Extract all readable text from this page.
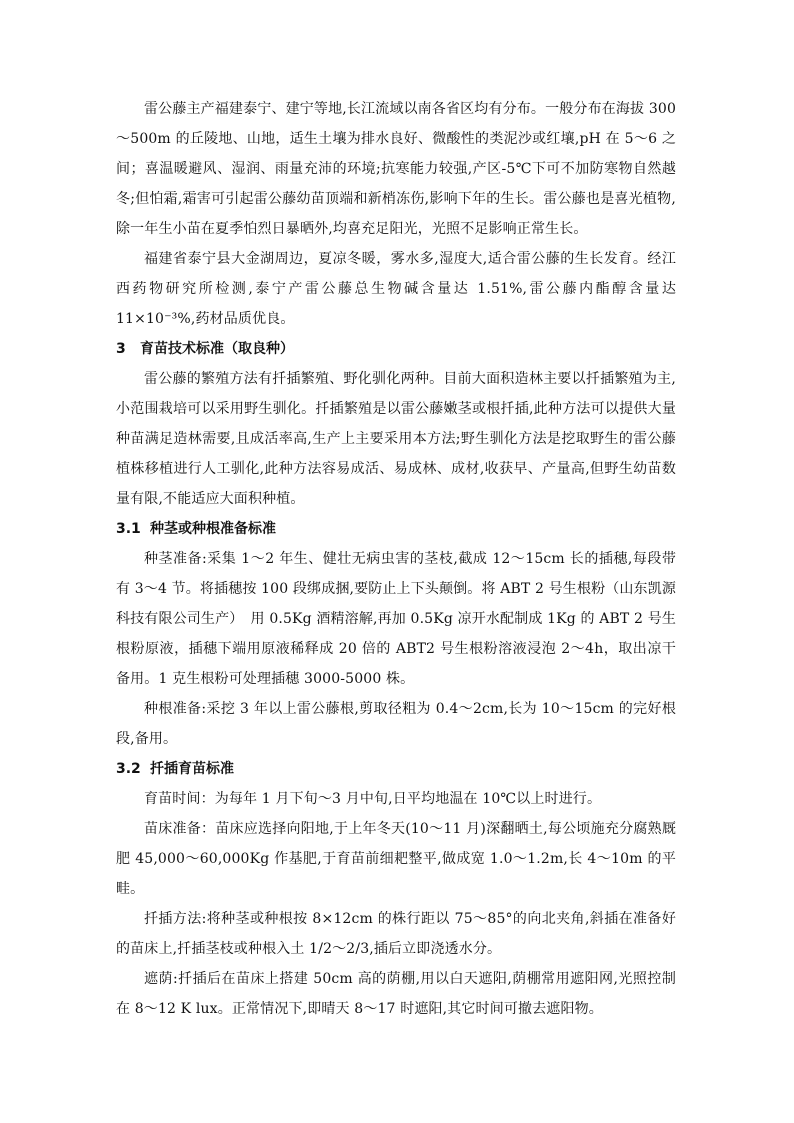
雷公藤主产福建泰宁、建宁等地,长江流域以南各省区均有分布。一般分布在海拔 300～500m 的丘陵地、山地，适生土壤为排水良好、微酸性的类泥沙或红壤,pH 在 5～6 之间；喜温暖避风、湿润、雨量充沛的环境;抗寒能力较强,产区-5℃下可不加防寒物自然越冬;但怕霜,霜害可引起雷公藤幼苗顶端和新梢冻伤,影响下年的生长。雷公藤也是喜光植物,除一年生小苗在夏季怕烈日暴晒外,均喜充足阳光，光照不足影响正常生长。

福建省泰宁县大金湖周边，夏凉冬暖，雾水多,湿度大,适合雷公藤的生长发育。经江西药物研究所检测,泰宁产雷公藤总生物碱含量达 1.51%,雷公藤内酯醇含量达 11×10⁻³%,药材品质优良。

3 育苗技术标准（取良种）

雷公藤的繁殖方法有扦插繁殖、野化驯化两种。目前大面积造林主要以扦插繁殖为主,小范围栽培可以采用野生驯化。扦插繁殖是以雷公藤嫩茎或根扦插,此种方法可以提供大量种苗满足造林需要,且成活率高,生产上主要采用本方法;野生驯化方法是挖取野生的雷公藤植株移植进行人工驯化,此种方法容易成活、易成林、成材,收获早、产量高,但野生幼苗数量有限,不能适应大面积种植。

3.1 种茎或种根准备标准

种茎准备:采集 1～2 年生、健壮无病虫害的茎枝,截成 12～15cm 长的插穗,每段带有 3～4 节。将插穗按 100 段绑成捆,要防止上下头颠倒。将 ABT 2 号生根粉（山东凯源科技有限公司生产）　用 0.5Kg 酒精溶解,再加 0.5Kg 凉开水配制成 1Kg 的 ABT 2 号生根粉原液，插穗下端用原液稀释成 20 倍的 ABT2 号生根粉溶液浸泡 2～4h，取出凉干备用。1 克生根粉可处理插穗 3000-5000 株。

种根准备:采挖 3 年以上雷公藤根,剪取径粗为 0.4～2cm,长为 10～15cm 的完好根段,备用。

3.2 扦插育苗标准

育苗时间：为每年 1 月下旬～3 月中旬,日平均地温在 10℃以上时进行。

苗床准备：苗床应选择向阳地,于上年冬天(10～11 月)深翻晒土,每公顷施充分腐熟厩肥 45,000～60,000Kg 作基肥,于育苗前细耙整平,做成宽 1.0～1.2m,长 4～10m 的平畦。

扦插方法:将种茎或种根按 8×12cm 的株行距以 75～85°的向北夹角,斜插在准备好的苗床上,扦插茎枝或种根入土 1/2～2/3,插后立即浇透水分。

遮荫:扦插后在苗床上搭建 50cm 高的荫棚,用以白天遮阳,荫棚常用遮阳网,光照控制在 8～12 K lux。正常情况下,即晴天 8～17 时遮阳,其它时间可撤去遮阳物。
